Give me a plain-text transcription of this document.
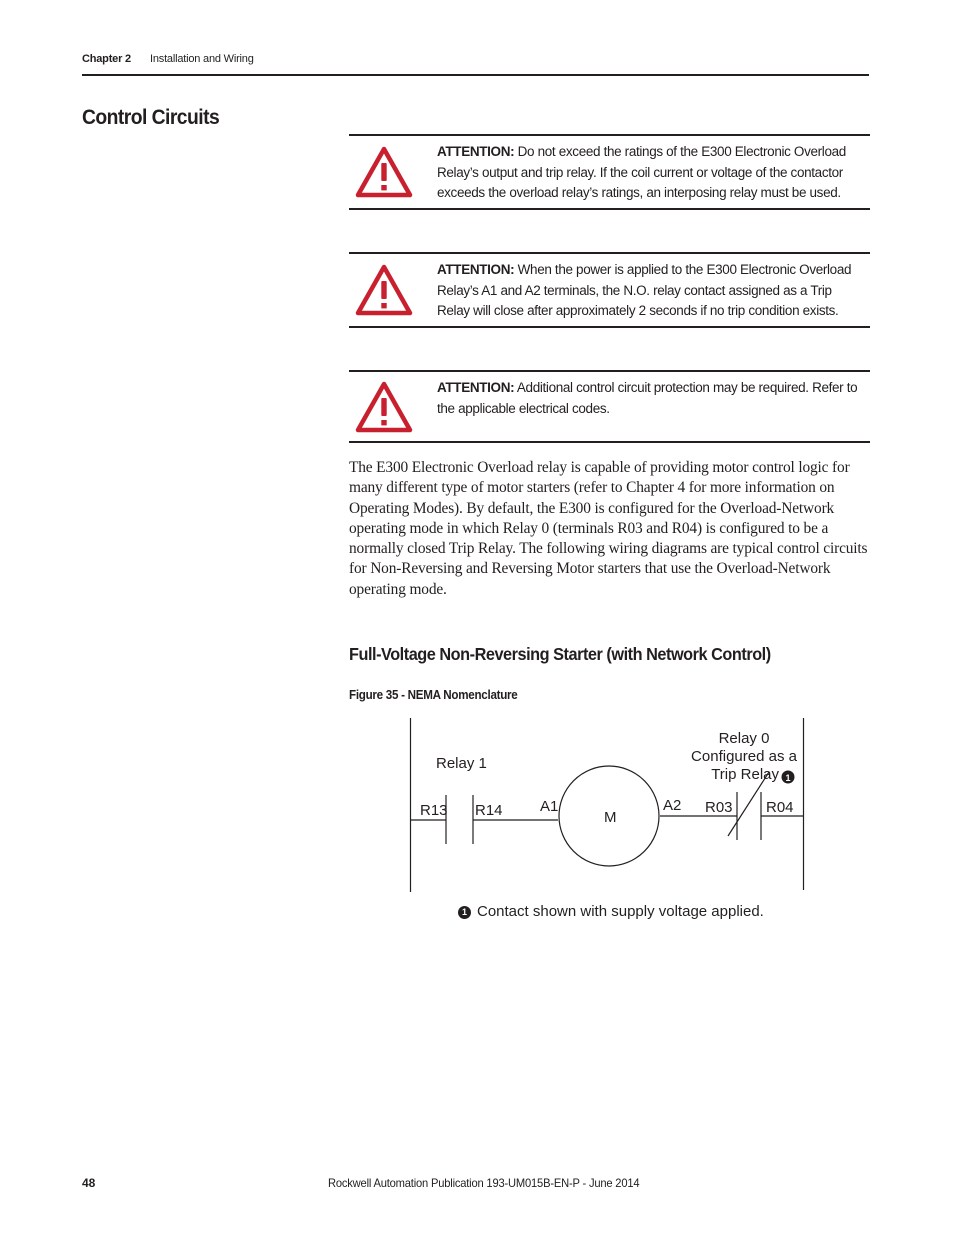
Chapter 2 Installation and Wiring
Control Circuits
ATTENTION: Do not exceed the ratings of the E300 Electronic Overload Relay’s output and trip relay. If the coil current or voltage of the contactor exceeds the overload relay’s ratings, an interposing relay must be used.
ATTENTION: When the power is applied to the E300 Electronic Overload Relay’s A1 and A2 terminals, the N.O. relay contact assigned as a Trip Relay will close after approximately 2 seconds if no trip condition exists.
ATTENTION: Additional control circuit protection may be required. Refer to the applicable electrical codes.
The E300 Electronic Overload relay is capable of providing motor control logic for many different type of motor starters (refer to Chapter 4 for more information on Operating Modes). By default, the E300 is configured for the Overload-Network operating mode in which Relay 0 (terminals R03 and R04) is configured to be a normally closed Trip Relay. The following wiring diagrams are typical control circuits for Non-Reversing and Reversing Motor starters that use the Overload-Network operating mode.
Full-Voltage Non-Reversing Starter (with Network Control)
Figure 35 - NEMA Nomenclature
Relay 1
Relay 0
Configured as a
Trip Relay 1
R13 R14 A1
M
A2 R03 R04
1 Contact shown with supply voltage applied.
48	Rockwell Automation Publication 193-UM015B-EN-P - June 2014
